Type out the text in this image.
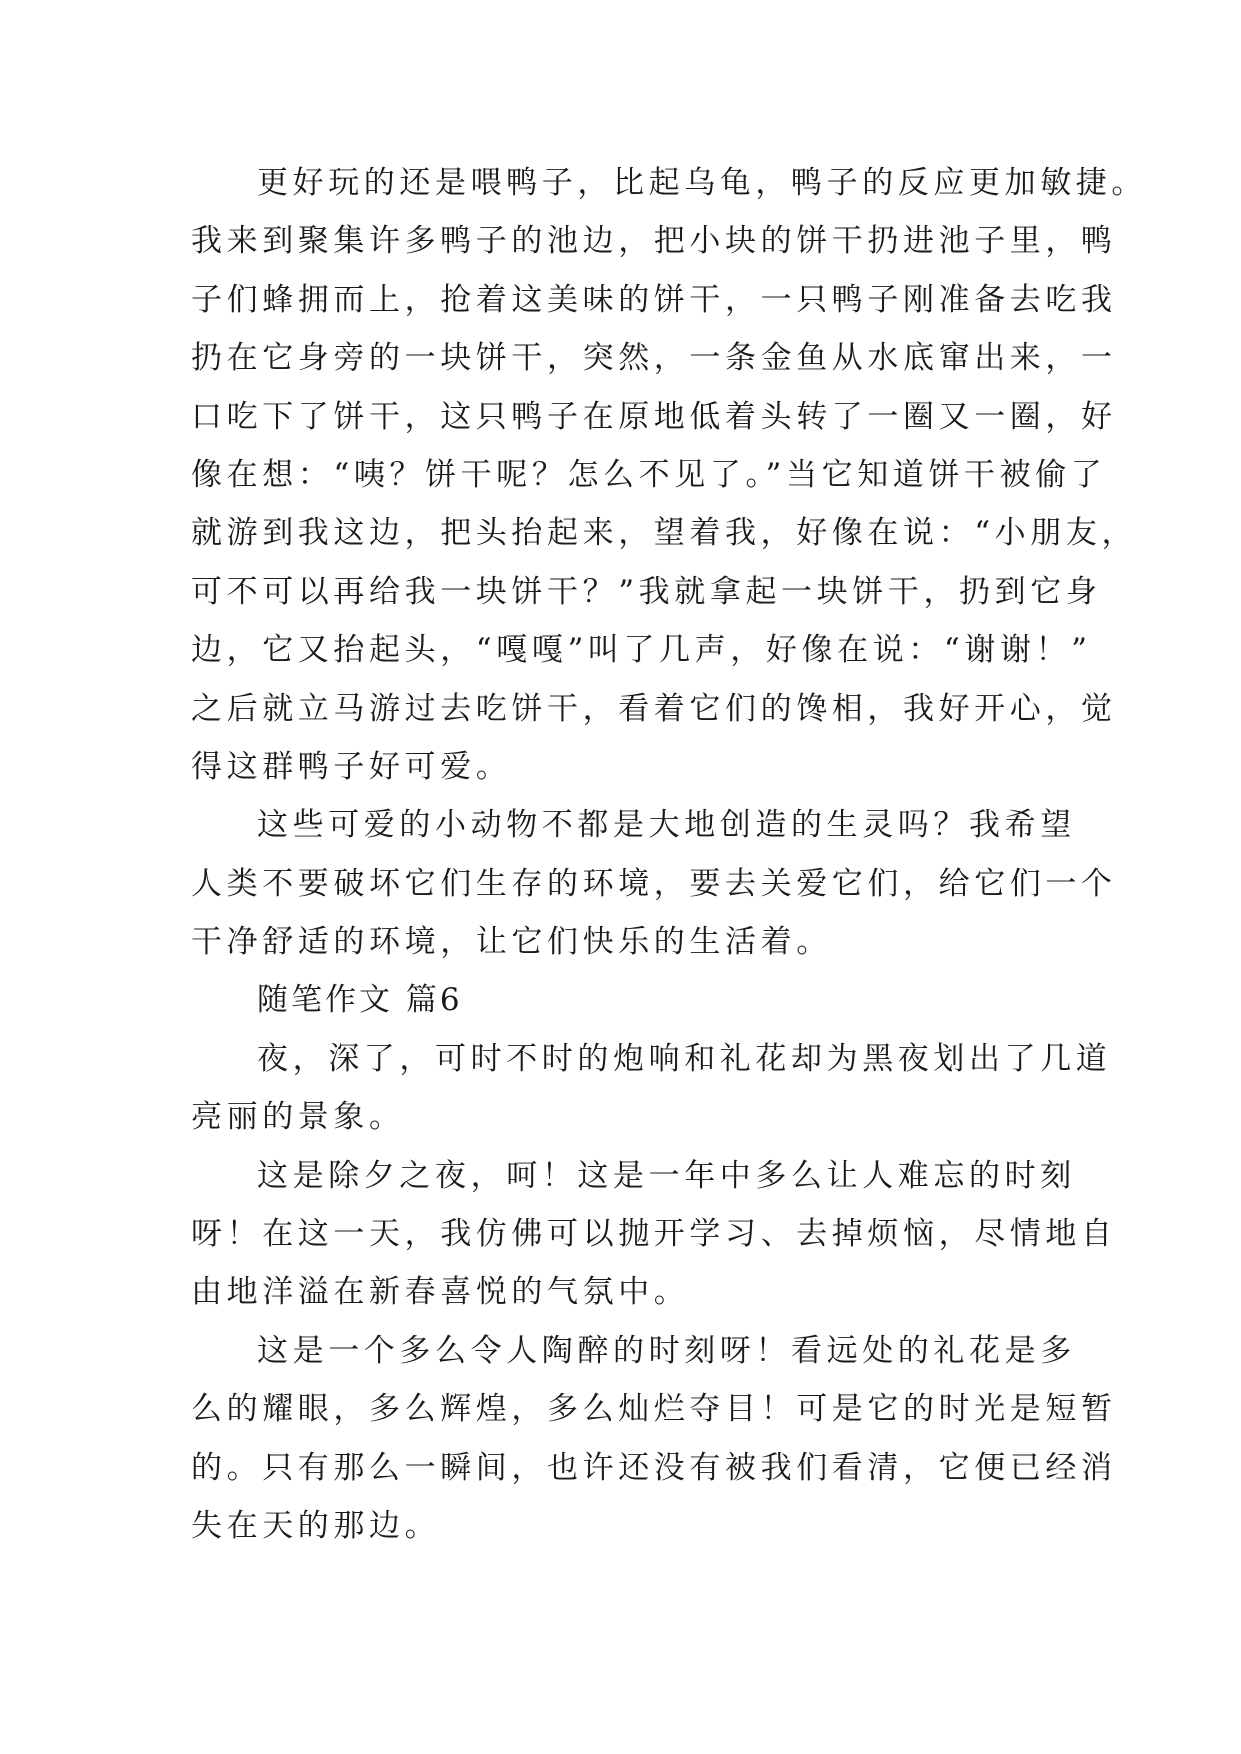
更好玩的还是喂鸭子，比起乌龟，鸭子的反应更加敏捷。
我来到聚集许多鸭子的池边，把小块的饼干扔进池子里，鸭
子们蜂拥而上，抢着这美味的饼干，一只鸭子刚准备去吃我
扔在它身旁的一块饼干，突然，一条金鱼从水底窜出来，一
口吃下了饼干，这只鸭子在原地低着头转了一圈又一圈，好
像在想：“咦？饼干呢？怎么不见了。”当它知道饼干被偷了
就游到我这边，把头抬起来，望着我，好像在说：“小朋友，
可不可以再给我一块饼干？”我就拿起一块饼干，扔到它身
边，它又抬起头，“嘎嘎”叫了几声，好像在说：“谢谢！”
之后就立马游过去吃饼干，看着它们的馋相，我好开心，觉
得这群鸭子好可爱。
这些可爱的小动物不都是大地创造的生灵吗？我希望
人类不要破坏它们生存的环境，要去关爱它们，给它们一个
干净舒适的环境，让它们快乐的生活着。
随笔作文 篇6
夜，深了，可时不时的炮响和礼花却为黑夜划出了几道
亮丽的景象。
这是除夕之夜，呵！这是一年中多么让人难忘的时刻
呀！在这一天，我仿佛可以抛开学习、去掉烦恼，尽情地自
由地洋溢在新春喜悦的气氛中。
这是一个多么令人陶醉的时刻呀！看远处的礼花是多
么的耀眼，多么辉煌，多么灿烂夺目！可是它的时光是短暂
的。只有那么一瞬间，也许还没有被我们看清，它便已经消
失在天的那边。
